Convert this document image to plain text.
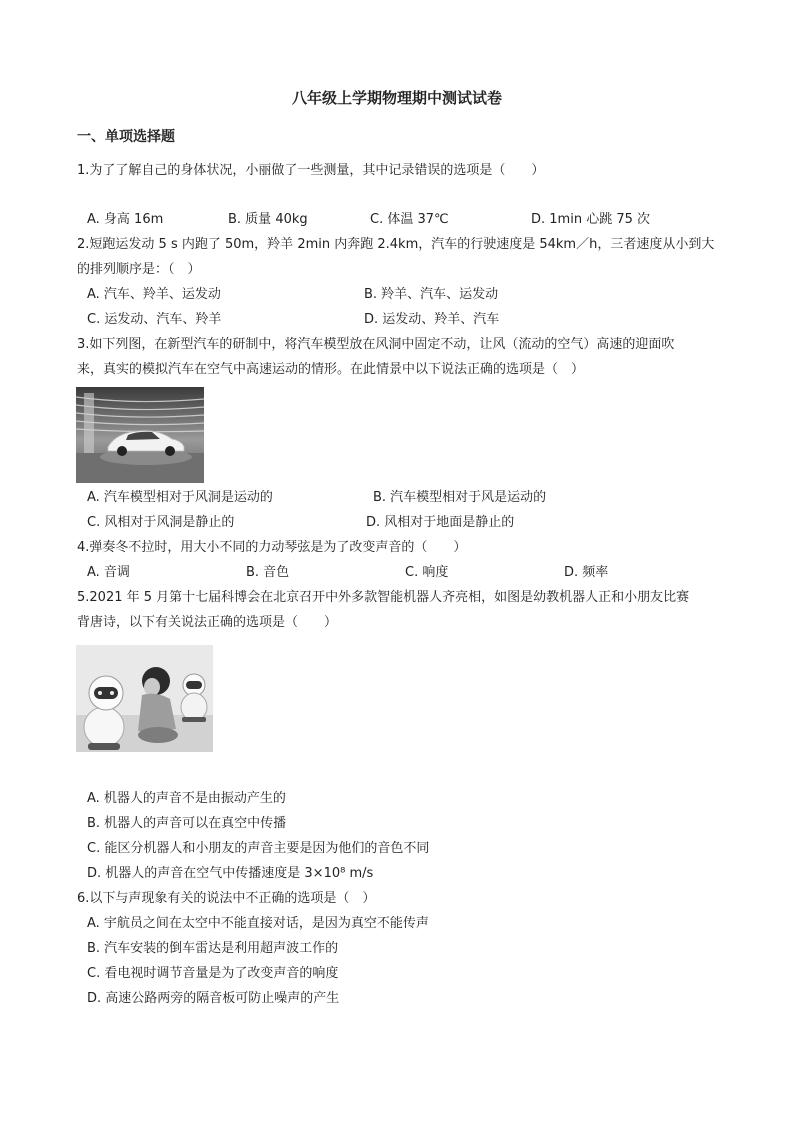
八年级上学期物理期中测试试卷
一、单项选择题
1.为了了解自己的身体状况，小丽做了一些测量，其中记录错误的选项是（　　）
A. 身高 16m	B. 质量 40kg	C. 体温 37℃	D. 1min 心跳 75 次
2.短跑运发动 5 s 内跑了 50m，羚羊 2min 内奔跑 2.4km，汽车的行驶速度是 54km／h，三者速度从小到大
的排列顺序是：（　）
A. 汽车、羚羊、运发动	B. 羚羊、汽车、运发动
C. 运发动、汽车、羚羊	D. 运发动、羚羊、汽车
3.如下列图，在新型汽车的研制中，将汽车模型放在风洞中固定不动，让风（流动的空气）高速的迎面吹
来，真实的模拟汽车在空气中高速运动的情形。在此情景中以下说法正确的选项是（　）
A. 汽车模型相对于风洞是运动的	B. 汽车模型相对于风是运动的
C. 风相对于风洞是静止的	D. 风相对于地面是静止的
4.弹奏冬不拉时，用大小不同的力动琴弦是为了改变声音的（　　）
A. 音调	B. 音色	C. 响度	D. 频率
5.2021 年 5 月第十七届科博会在北京召开中外多款智能机器人齐亮相，如图是幼教机器人正和小朋友比赛
背唐诗，以下有关说法正确的选项是（　　）
A. 机器人的声音不是由振动产生的
B. 机器人的声音可以在真空中传播
C. 能区分机器人和小朋友的声音主要是因为他们的音色不同
D. 机器人的声音在空气中传播速度是 3×10⁸ m/s
6.以下与声现象有关的说法中不正确的选项是（　）
A. 宇航员之间在太空中不能直接对话，是因为真空不能传声
B. 汽车安装的倒车雷达是利用超声波工作的
C. 看电视时调节音量是为了改变声音的响度
D. 高速公路两旁的隔音板可防止噪声的产生
